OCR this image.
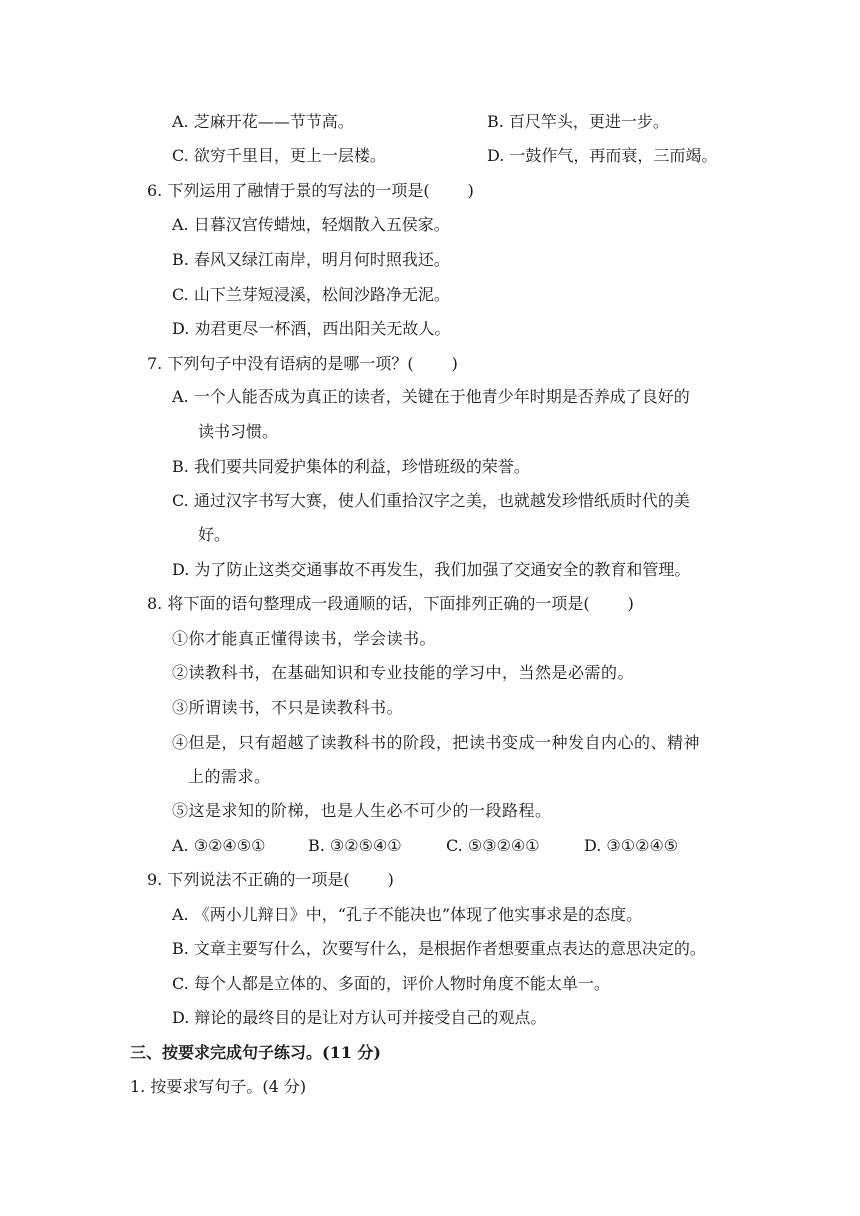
A. 芝麻开花——节节高。	B. 百尺竿头，更进一步。
C. 欲穷千里目，更上一层楼。	D. 一鼓作气，再而衰，三而竭。
6. 下列运用了融情于景的写法的一项是( )
A. 日暮汉宫传蜡烛，轻烟散入五侯家。
B. 春风又绿江南岸，明月何时照我还。
C. 山下兰芽短浸溪，松间沙路净无泥。
D. 劝君更尽一杯酒，西出阳关无故人。
7. 下列句子中没有语病的是哪一项？( )
A. 一个人能否成为真正的读者，关键在于他青少年时期是否养成了良好的
读书习惯。
B. 我们要共同爱护集体的利益，珍惜班级的荣誉。
C. 通过汉字书写大赛，使人们重拾汉字之美，也就越发珍惜纸质时代的美
好。
D. 为了防止这类交通事故不再发生，我们加强了交通安全的教育和管理。
8. 将下面的语句整理成一段通顺的话，下面排列正确的一项是( )
①你才能真正懂得读书，学会读书。
②读教科书，在基础知识和专业技能的学习中，当然是必需的。
③所谓读书，不只是读教科书。
④但是，只有超越了读教科书的阶段，把读书变成一种发自内心的、精神
上的需求。
⑤这是求知的阶梯，也是人生必不可少的一段路程。
A. ③②④⑤①	B. ③②⑤④①	C. ⑤③②④①	D. ③①②④⑤
9. 下列说法不正确的一项是( )
A. 《两小儿辩日》中，“孔子不能决也”体现了他实事求是的态度。
B. 文章主要写什么，次要写什么，是根据作者想要重点表达的意思决定的。
C. 每个人都是立体的、多面的，评价人物时角度不能太单一。
D. 辩论的最终目的是让对方认可并接受自己的观点。
三、按要求完成句子练习。(11 分)
1. 按要求写句子。(4 分)
